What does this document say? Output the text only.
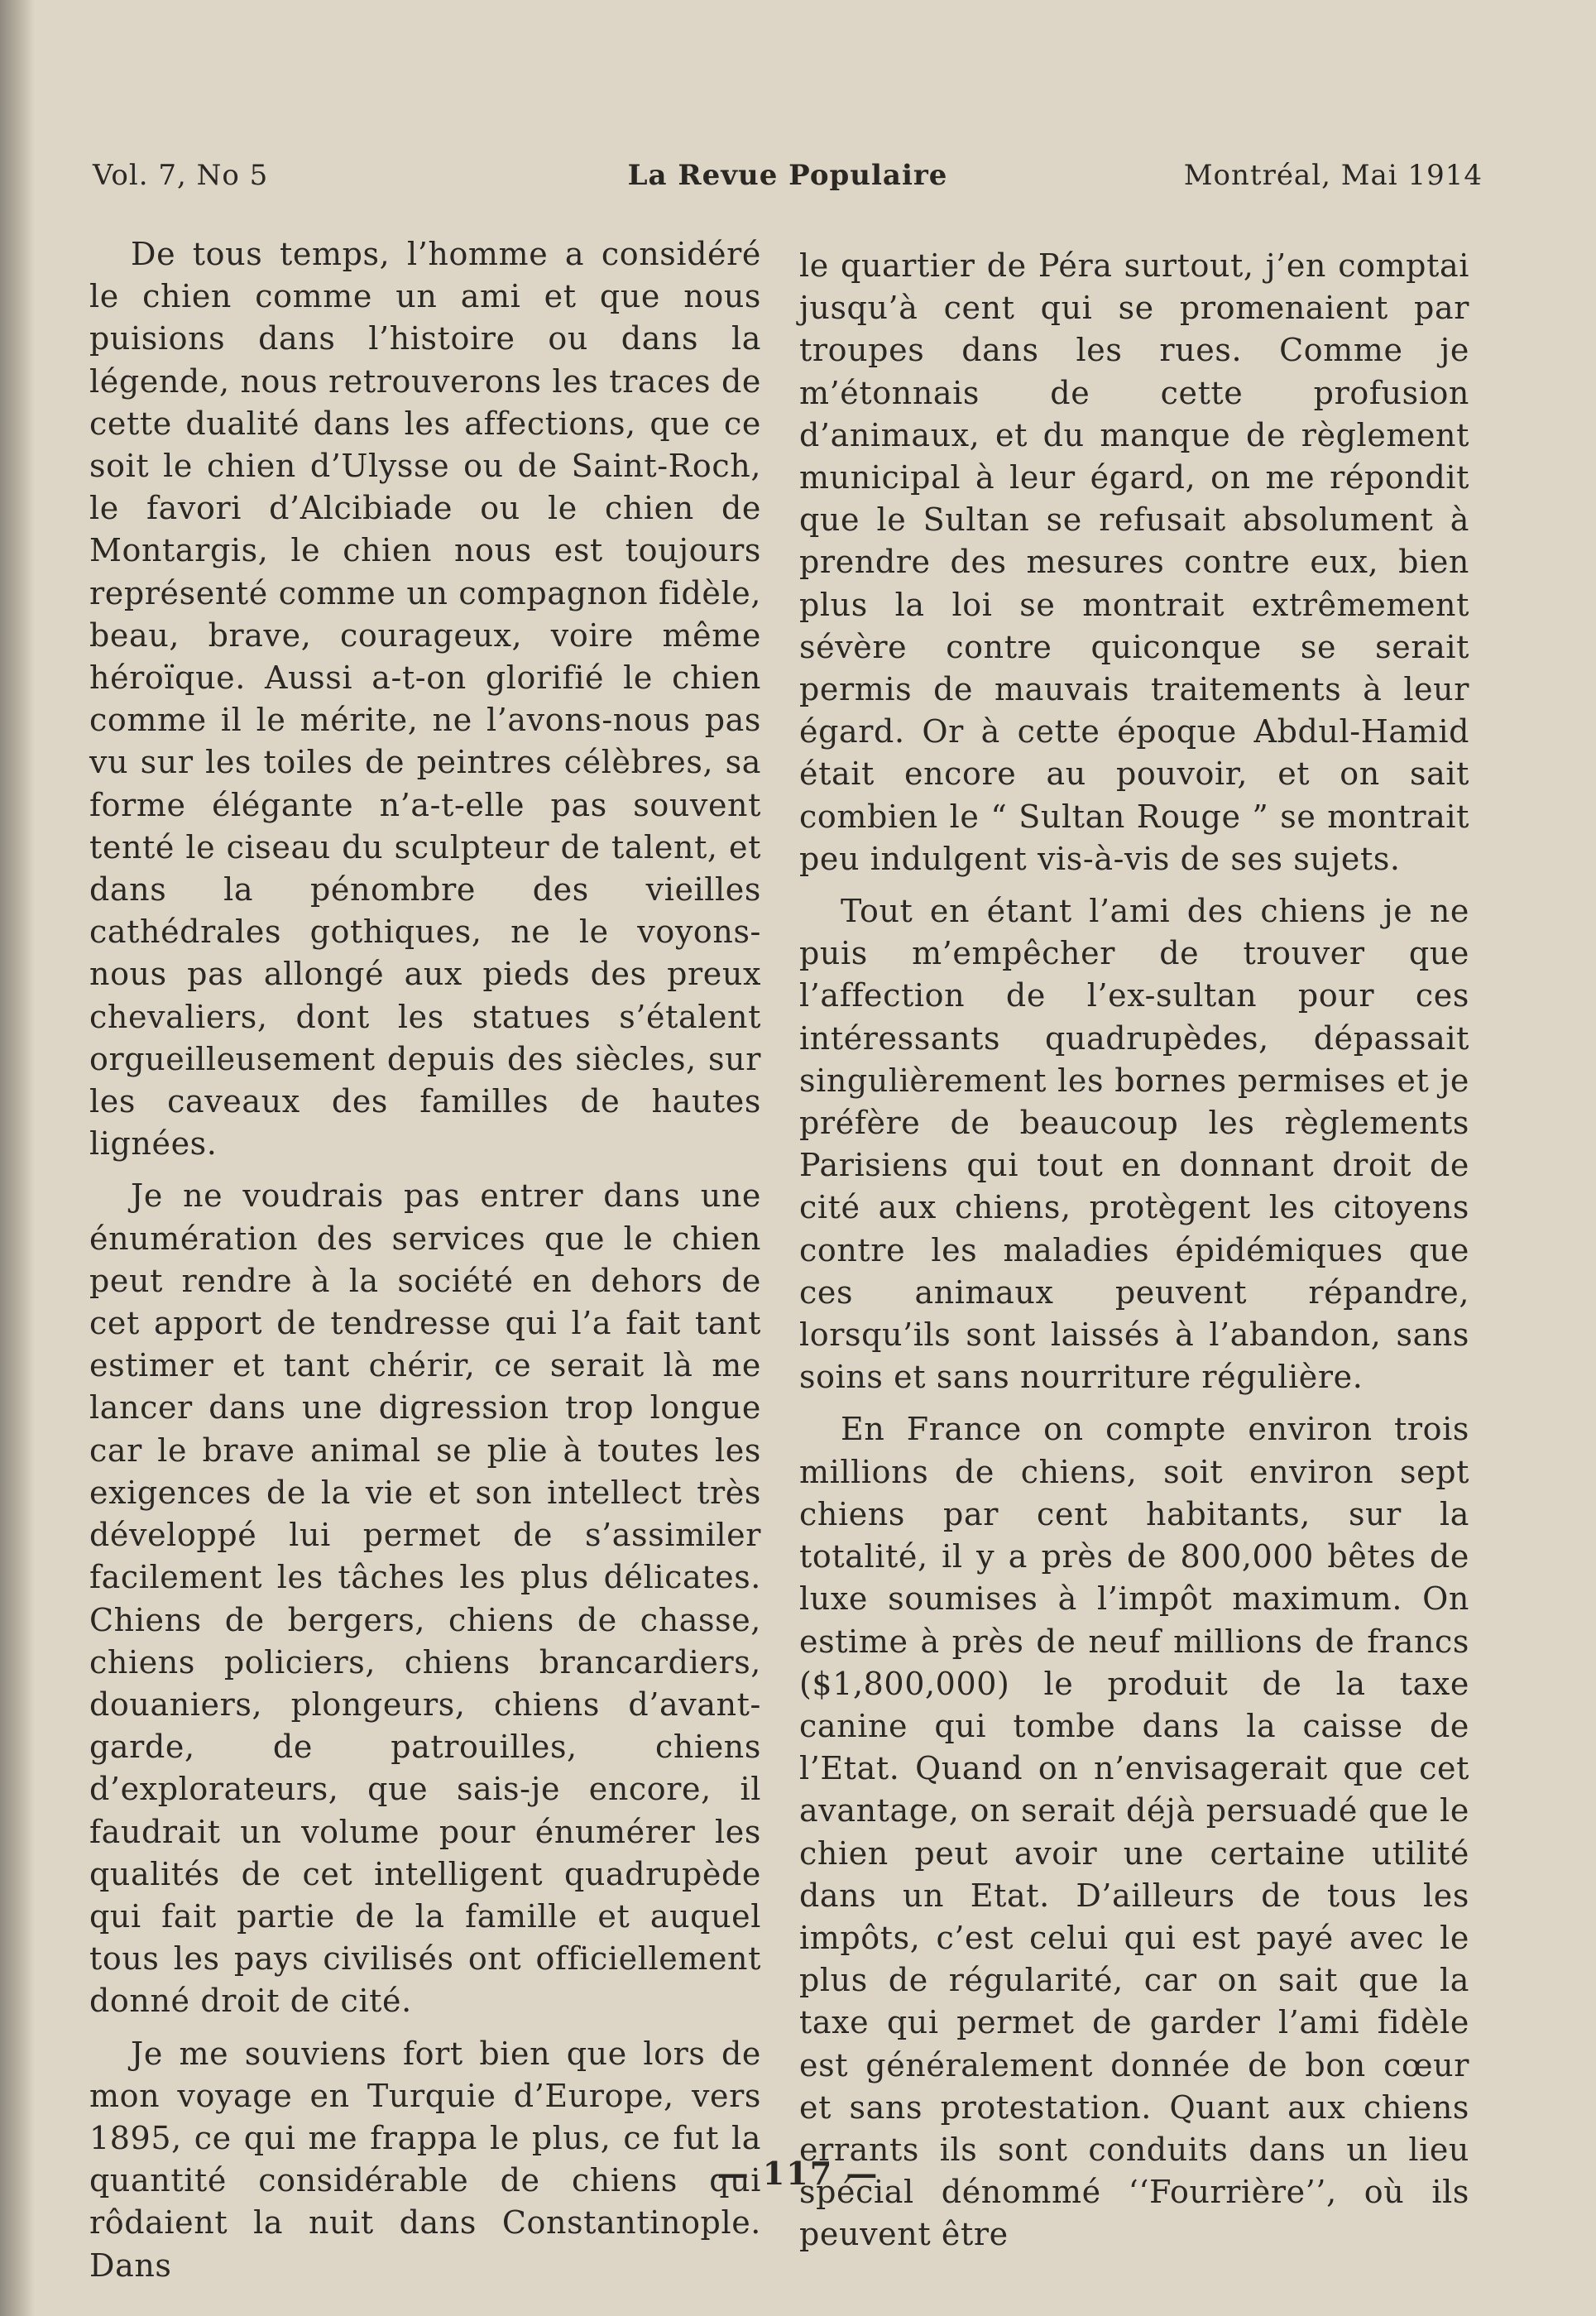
Vol. 7, No 5	La Revue Populaire	Montréal, Mai 1914

De tous temps, l’homme a considéré le chien comme un ami et que nous puisions dans l’histoire ou dans la légende, nous retrouverons les traces de cette dualité dans les affections, que ce soit le chien d’Ulysse ou de Saint-Roch, le favori d’Alcibiade ou le chien de Montargis, le chien nous est toujours représenté comme un compagnon fidèle, beau, brave, courageux, voire même héroïque. Aussi a-t-on glorifié le chien comme il le mérite, ne l’avons-nous pas vu sur les toiles de peintres célèbres, sa forme élégante n’a-t-elle pas souvent tenté le ciseau du sculpteur de talent, et dans la pénombre des vieilles cathédrales gothiques, ne le voyons-nous pas allongé aux pieds des preux chevaliers, dont les statues s’étalent orgueilleusement depuis des siècles, sur les caveaux des familles de hautes lignées.

Je ne voudrais pas entrer dans une énumération des services que le chien peut rendre à la société en dehors de cet apport de tendresse qui l’a fait tant estimer et tant chérir, ce serait là me lancer dans une digression trop longue car le brave animal se plie à toutes les exigences de la vie et son intellect très développé lui permet de s’assimiler facilement les tâches les plus délicates. Chiens de bergers, chiens de chasse, chiens policiers, chiens brancardiers, douaniers, plongeurs, chiens d’avant-garde, de patrouilles, chiens d’explorateurs, que sais-je encore, il faudrait un volume pour énumérer les qualités de cet intelligent quadrupède qui fait partie de la famille et auquel tous les pays civilisés ont officiellement donné droit de cité.

Je me souviens fort bien que lors de mon voyage en Turquie d’Europe, vers 1895, ce qui me frappa le plus, ce fut la quantité considérable de chiens qui rôdaient la nuit dans Constantinople. Dans

le quartier de Péra surtout, j’en comptai jusqu’à cent qui se promenaient par troupes dans les rues. Comme je m’étonnais de cette profusion d’animaux, et du manque de règlement municipal à leur égard, on me répondit que le Sultan se refusait absolument à prendre des mesures contre eux, bien plus la loi se montrait extrêmement sévère contre quiconque se serait permis de mauvais traitements à leur égard. Or à cette époque Abdul-Hamid était encore au pouvoir, et on sait combien le “ Sultan Rouge ” se montrait peu indulgent vis-à-vis de ses sujets.

Tout en étant l’ami des chiens je ne puis m’empêcher de trouver que l’affection de l’ex-sultan pour ces intéressants quadrupèdes, dépassait singulièrement les bornes permises et je préfère de beaucoup les règlements Parisiens qui tout en donnant droit de cité aux chiens, protègent les citoyens contre les maladies épidémiques que ces animaux peuvent répandre, lorsqu’ils sont laissés à l’abandon, sans soins et sans nourriture régulière.

En France on compte environ trois millions de chiens, soit environ sept chiens par cent habitants, sur la totalité, il y a près de 800,000 bêtes de luxe soumises à l’impôt maximum. On estime à près de neuf millions de francs ($1,800,000) le produit de la taxe canine qui tombe dans la caisse de l’Etat. Quand on n’envisagerait que cet avantage, on serait déjà persuadé que le chien peut avoir une certaine utilité dans un Etat. D’ailleurs de tous les impôts, c’est celui qui est payé avec le plus de régularité, car on sait que la taxe qui permet de garder l’ami fidèle est généralement donnée de bon cœur et sans protestation. Quant aux chiens errants ils sont conduits dans un lieu spécial dénommé ‘‘Fourrière’’, où ils peuvent être

— 117 —
